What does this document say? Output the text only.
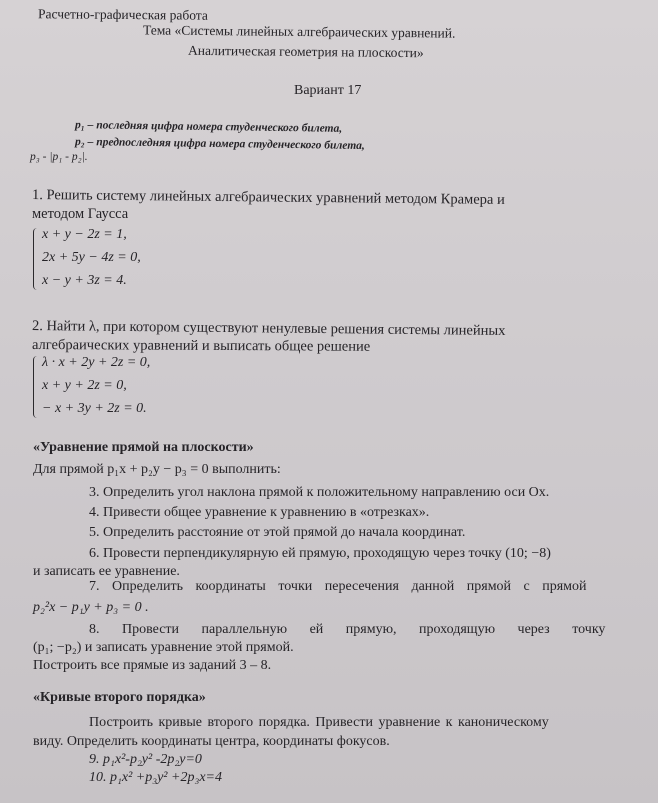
Расчетно-графическая работа
Тема «Системы линейных алгебраических уравнений.
Аналитическая геометрия на плоскости»
Вариант 17
p₁ – последняя цифра номера студенческого билета,
p₂ – предпоследняя цифра номера студенческого билета,
p₃ - |p₁ - p₂|.
1. Решить систему линейных алгебраических уравнений методом Крамера и
методом Гаусса
x + y − 2z = 1,
2x + 5y − 4z = 0,
x − y + 3z = 4.
2. Найти λ, при котором существуют ненулевые решения системы линейных
алгебраических уравнений и выписать общее решение
λ · x + 2y + 2z = 0,
x + y + 2z = 0,
− x + 3y + 2z = 0.
«Уравнение прямой на плоскости»
Для прямой p₁x + p₂y − p₃ = 0 выполнить:
3. Определить угол наклона прямой к положительному направлению оси Ox.
4. Привести общее уравнение к уравнению в «отрезках».
5. Определить расстояние от этой прямой до начала координат.
6. Провести перпендикулярную ей прямую, проходящую через точку (10; −8)
и записать ее уравнение.
7. Определить координаты точки пересечения данной прямой с прямой
p₂²x − p₁y + p₃ = 0 .
8. Провести параллельную ей прямую, проходящую через точку
(p₁; −p₂) и записать уравнение этой прямой.
Построить все прямые из заданий 3 – 8.
«Кривые второго порядка»
Построить кривые второго порядка. Привести уравнение к каноническому
виду. Определить координаты центра, координаты фокусов.
9. p₁x²-p₂y² -2p₂y=0
10. p₁x² +p₃y² +2p₃x=4
